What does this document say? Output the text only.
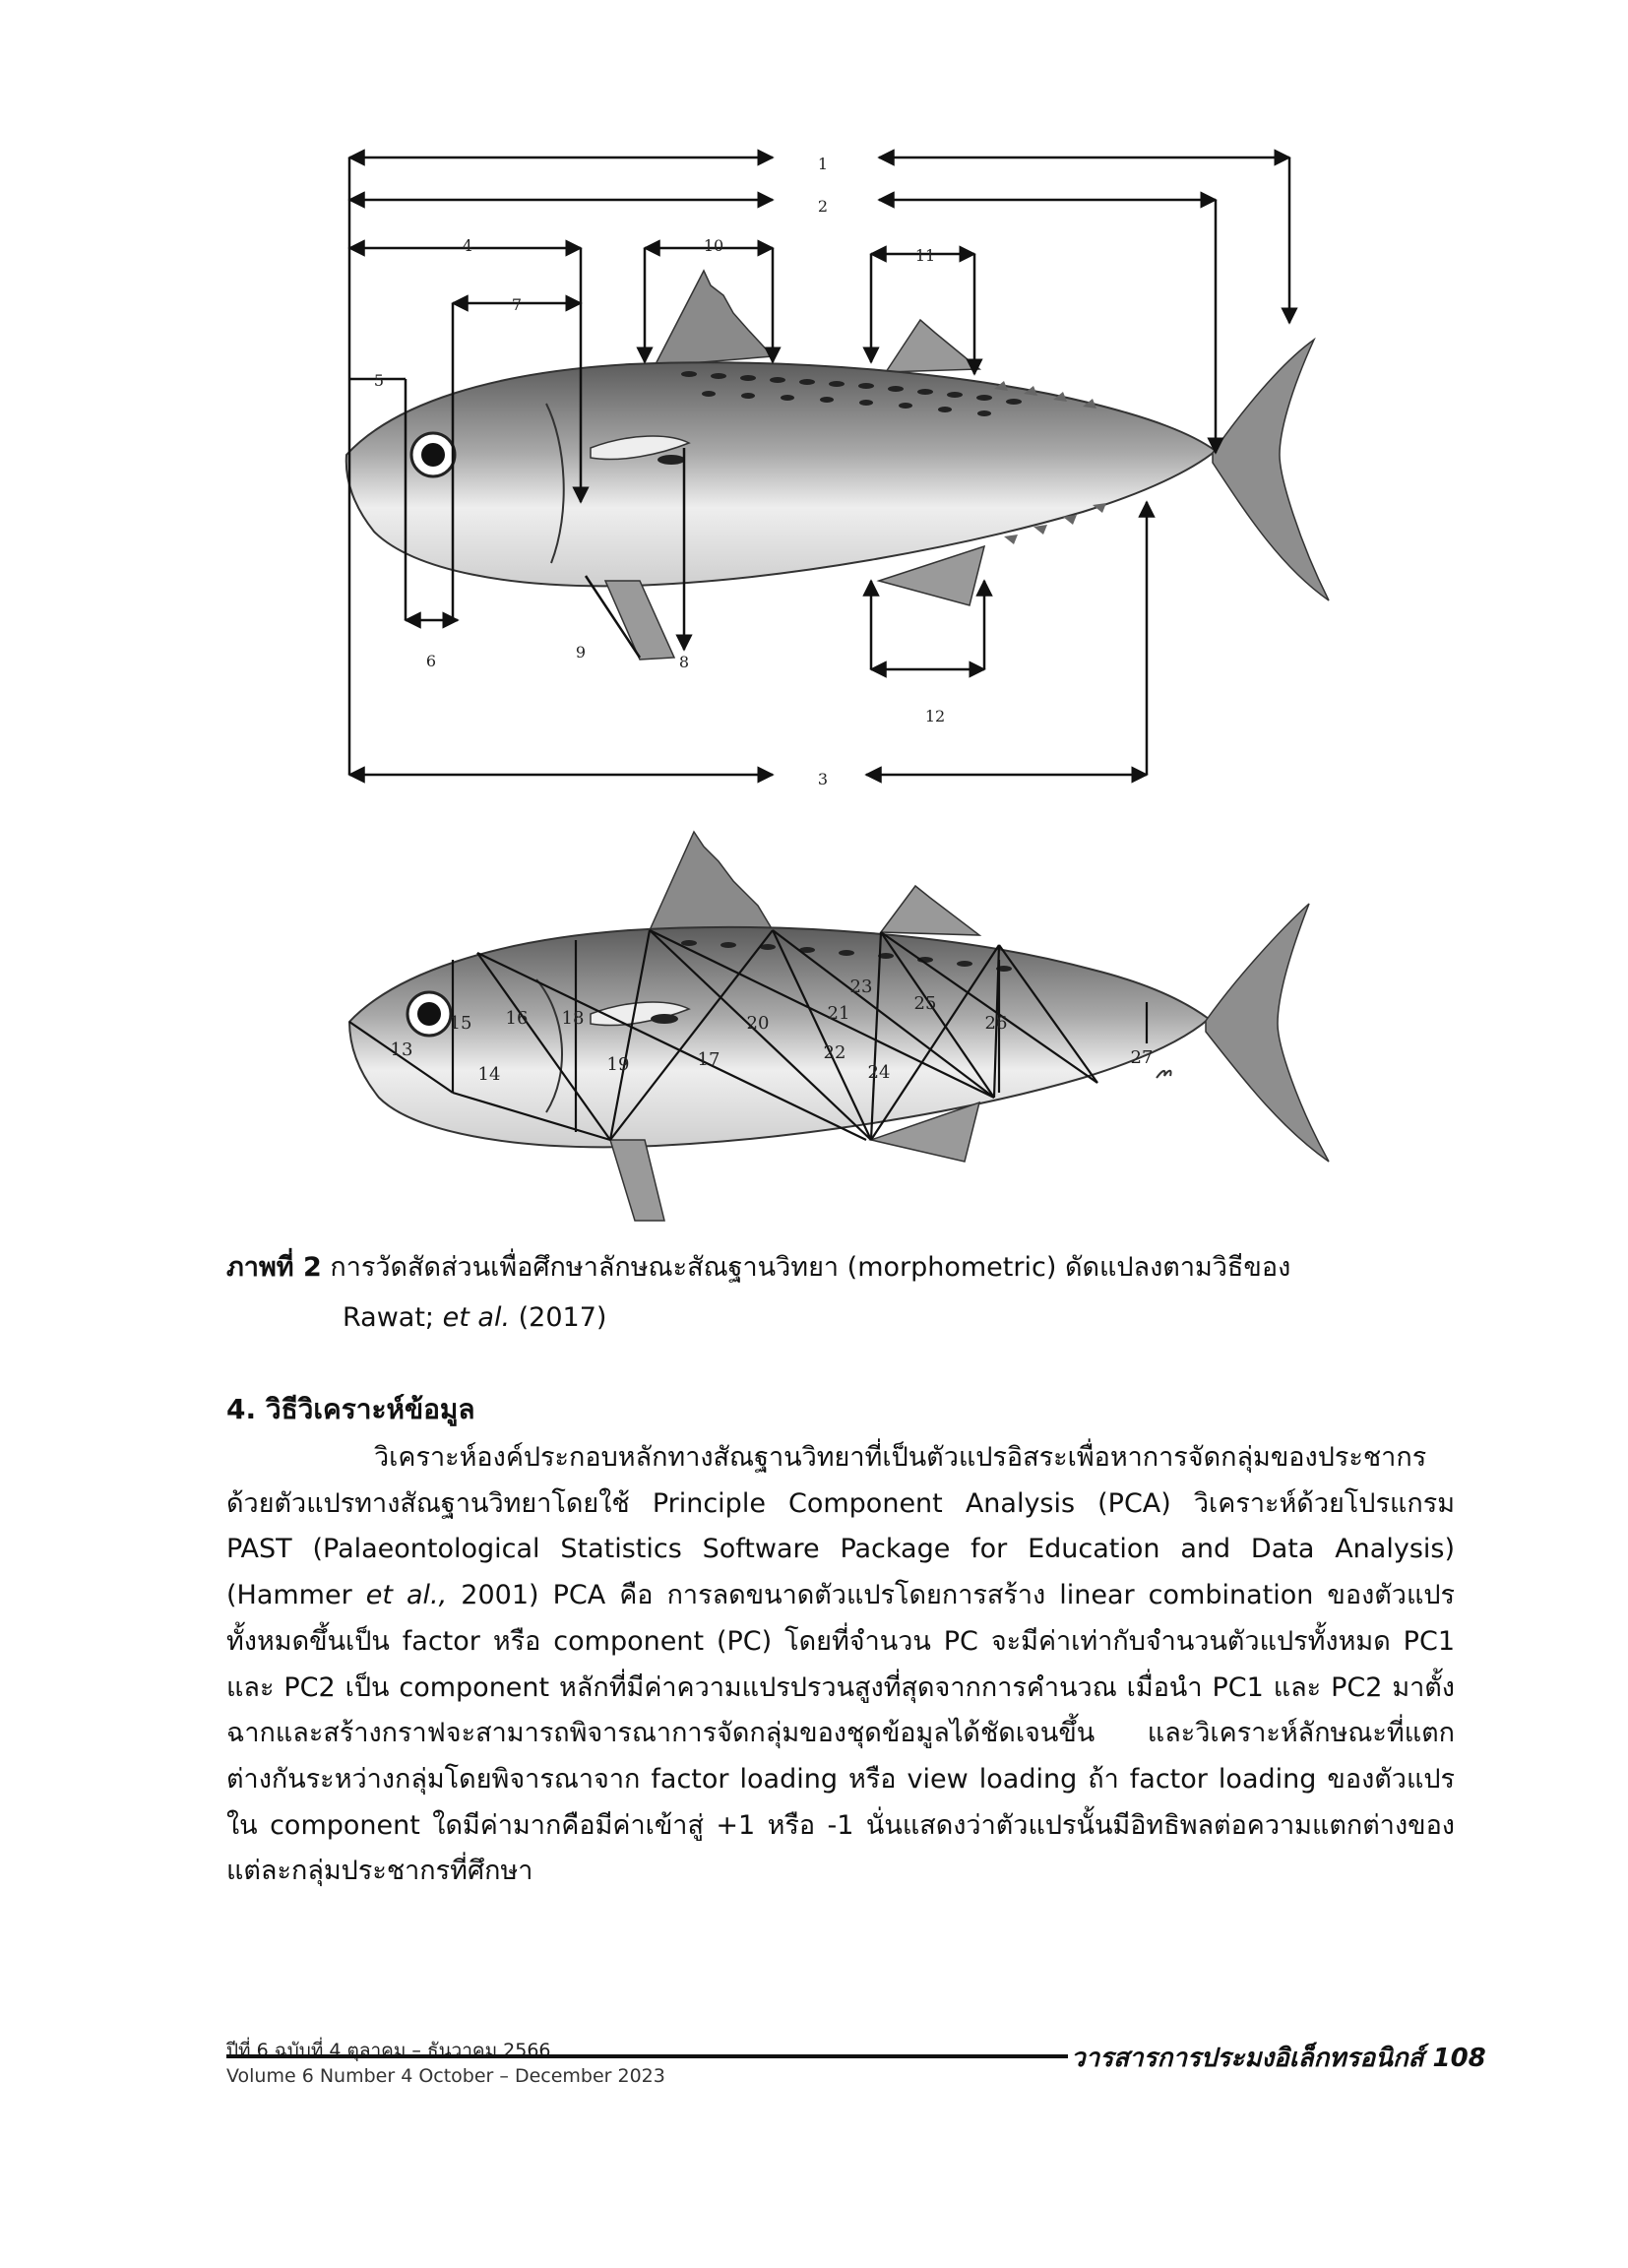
1
2
3
4
5
6
7
8
9
10
11
12
13
14
15 16
17
18
19
20	21
22
23
24
25
26
27
ภาพที่ 2 การวัดสัดส่วนเพื่อศึกษาลักษณะสัณฐานวิทยา (morphometric) ดัดแปลงตามวิธีของ
Rawat; et al. (2017)
4. วิธีวิเคราะห์ข้อมูล

วิเคราะห์องค์ประกอบหลักทางสัณฐานวิทยาที่เป็นตัวแปรอิสระเพื่อหาการจัดกลุ่มของประชากรด้วยตัวแปรทางสัณฐานวิทยาโดยใช้ Principle Component Analysis (PCA) วิเคราะห์ด้วยโปรแกรม PAST (Palaeontological Statistics Software Package for Education and Data Analysis) (Hammer et al., 2001) PCA คือ การลดขนาดตัวแปรโดยการสร้าง linear combination ของตัวแปรทั้งหมดขึ้นเป็น factor หรือ component (PC) โดยที่จำนวน PC จะมีค่าเท่ากับจำนวนตัวแปรทั้งหมด PC1 และ PC2 เป็น component หลักที่มีค่าความแปรปรวนสูงที่สุดจากการคำนวณ เมื่อนำ PC1 และ PC2 มาตั้งฉากและสร้างกราฟจะสามารถพิจารณาการจัดกลุ่มของชุดข้อมูลได้ชัดเจนขึ้น และวิเคราะห์ลักษณะที่แตกต่างกันระหว่างกลุ่มโดยพิจารณาจาก factor loading หรือ view loading ถ้า factor loading ของตัวแปรใน component ใดมีค่ามากคือมีค่าเข้าสู่ +1 หรือ -1 นั่นแสดงว่าตัวแปรนั้นมีอิทธิพลต่อความแตกต่างของแต่ละกลุ่มประชากรที่ศึกษา

ปีที่ 6 ฉบับที่ 4 ตุลาคม – ธันวาคม 2566
Volume 6 Number 4 October – December 2023
วารสารการประมงอิเล็กทรอนิกส์ 108
